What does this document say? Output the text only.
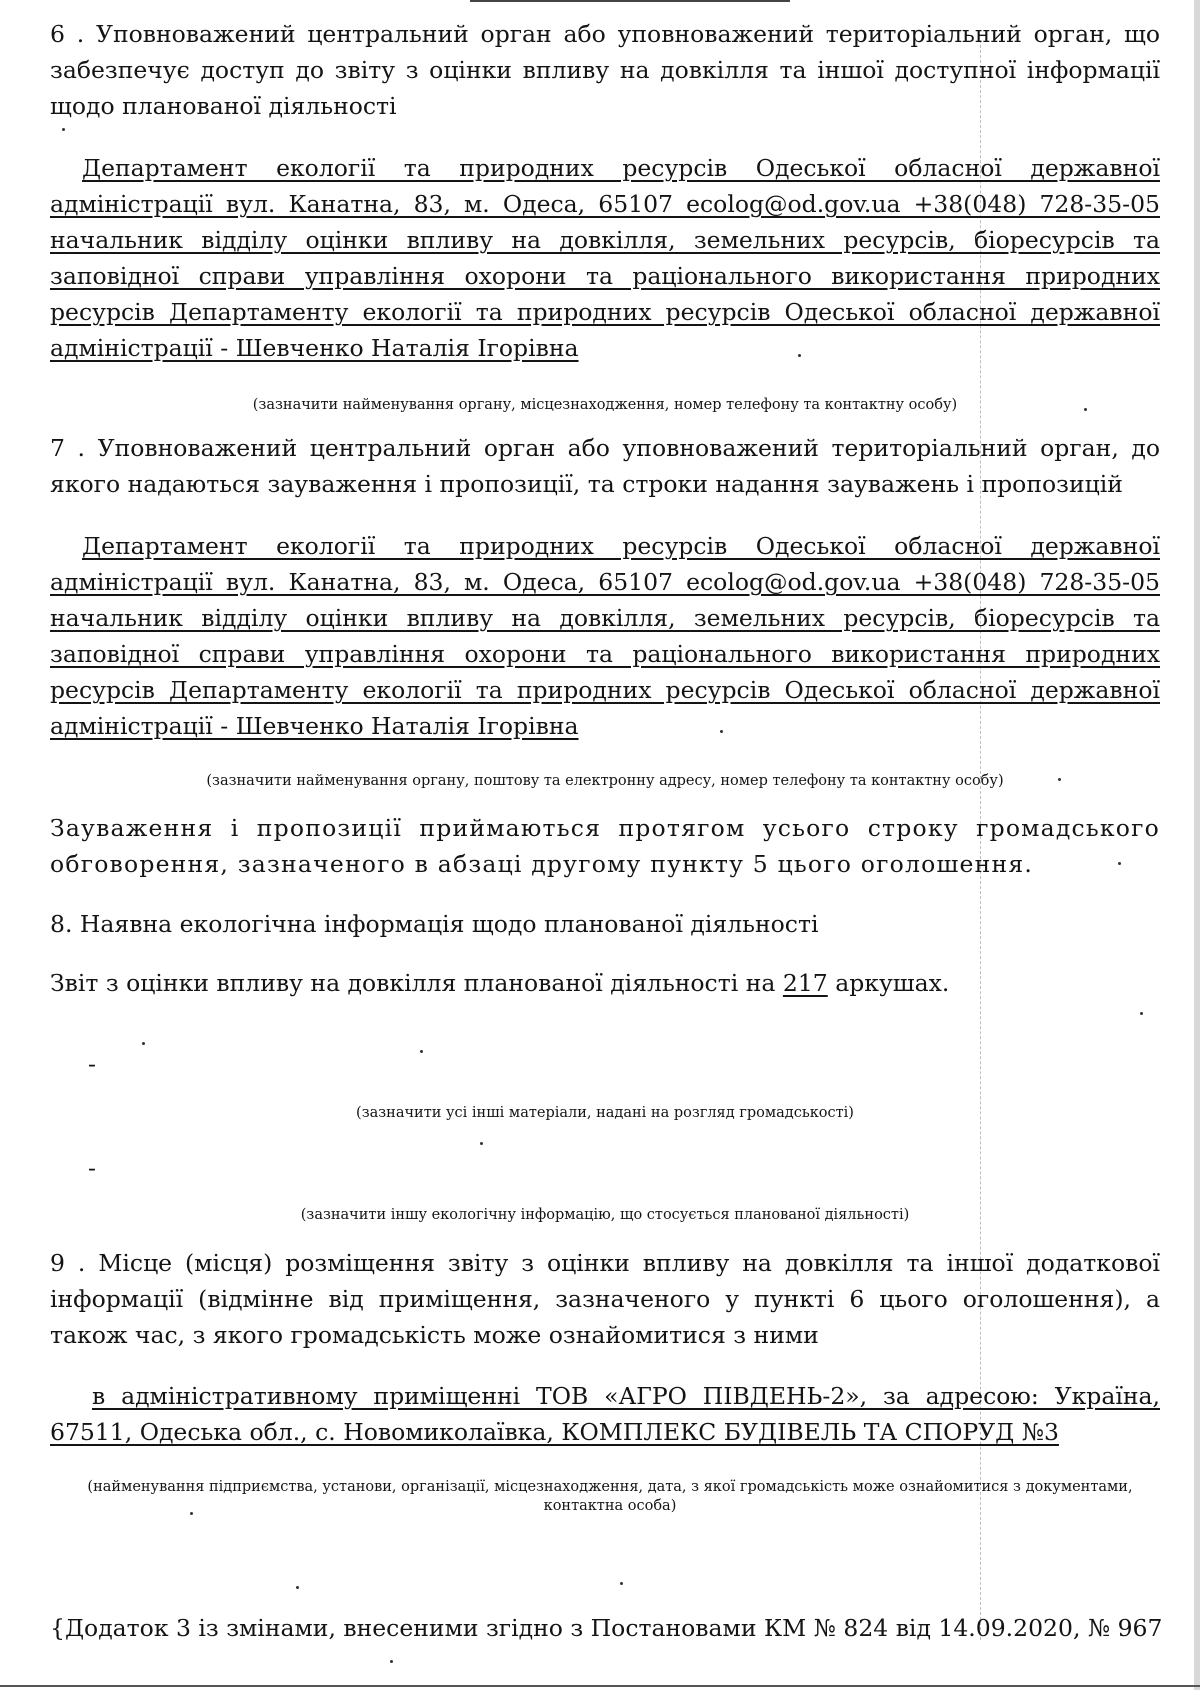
6 . Уповноважений центральний орган або уповноважений територіальний орган, що забезпечує доступ до звіту з оцінки впливу на довкілля та іншої доступної інформації щодо планованої діяльності
Департамент екології та природних ресурсів Одеської обласної державної адміністрації вул. Канатна, 83, м. Одеса, 65107 ecolog@od.gov.ua +38(048) 728-35-05 начальник відділу оцінки впливу на довкілля, земельних ресурсів, біоресурсів та заповідної справи управління охорони та раціонального використання природних ресурсів Департаменту екології та природних ресурсів Одеської обласної державної адміністрації - Шевченко Наталія Ігорівна
(зазначити найменування органу, місцезнаходження, номер телефону та контактну особу)
7 . Уповноважений центральний орган або уповноважений територіальний орган, до якого надаються зауваження і пропозиції, та строки надання зауважень і пропозицій
Департамент екології та природних ресурсів Одеської обласної державної адміністрації вул. Канатна, 83, м. Одеса, 65107 ecolog@od.gov.ua +38(048) 728-35-05 начальник відділу оцінки впливу на довкілля, земельних ресурсів, біоресурсів та заповідної справи управління охорони та раціонального використання природних ресурсів Департаменту екології та природних ресурсів Одеської обласної державної адміністрації - Шевченко Наталія Ігорівна
(зазначити найменування органу, поштову та електронну адресу, номер телефону та контактну особу)
Зауваження і пропозиції приймаються протягом усього строку громадського обговорення, зазначеного в абзаці другому пункту 5 цього оголошення.
8. Наявна екологічна інформація щодо планованої діяльності
Звіт з оцінки впливу на довкілля планованої діяльності на 217 аркушах.
-
(зазначити усі інші матеріали, надані на розгляд громадськості)
-
(зазначити іншу екологічну інформацію, що стосується планованої діяльності)
9 . Місце (місця) розміщення звіту з оцінки впливу на довкілля та іншої додаткової інформації (відмінне від приміщення, зазначеного у пункті 6 цього оголошення), а також час, з якого громадськість може ознайомитися з ними
в адміністративному приміщенні ТОВ «АГРО ПІВДЕНЬ-2», за адресою: Україна, 67511, Одеська обл., с. Новомиколаївка, КОМПЛЕКС БУДІВЕЛЬ ТА СПОРУД №3
(найменування підприємства, установи, організації, місцезнаходження, дата, з якої громадськість може ознайомитися з документами, контактна особа)
{Додаток 3 із змінами, внесеними згідно з Постановами КМ № 824 від 14.09.2020, № 967
